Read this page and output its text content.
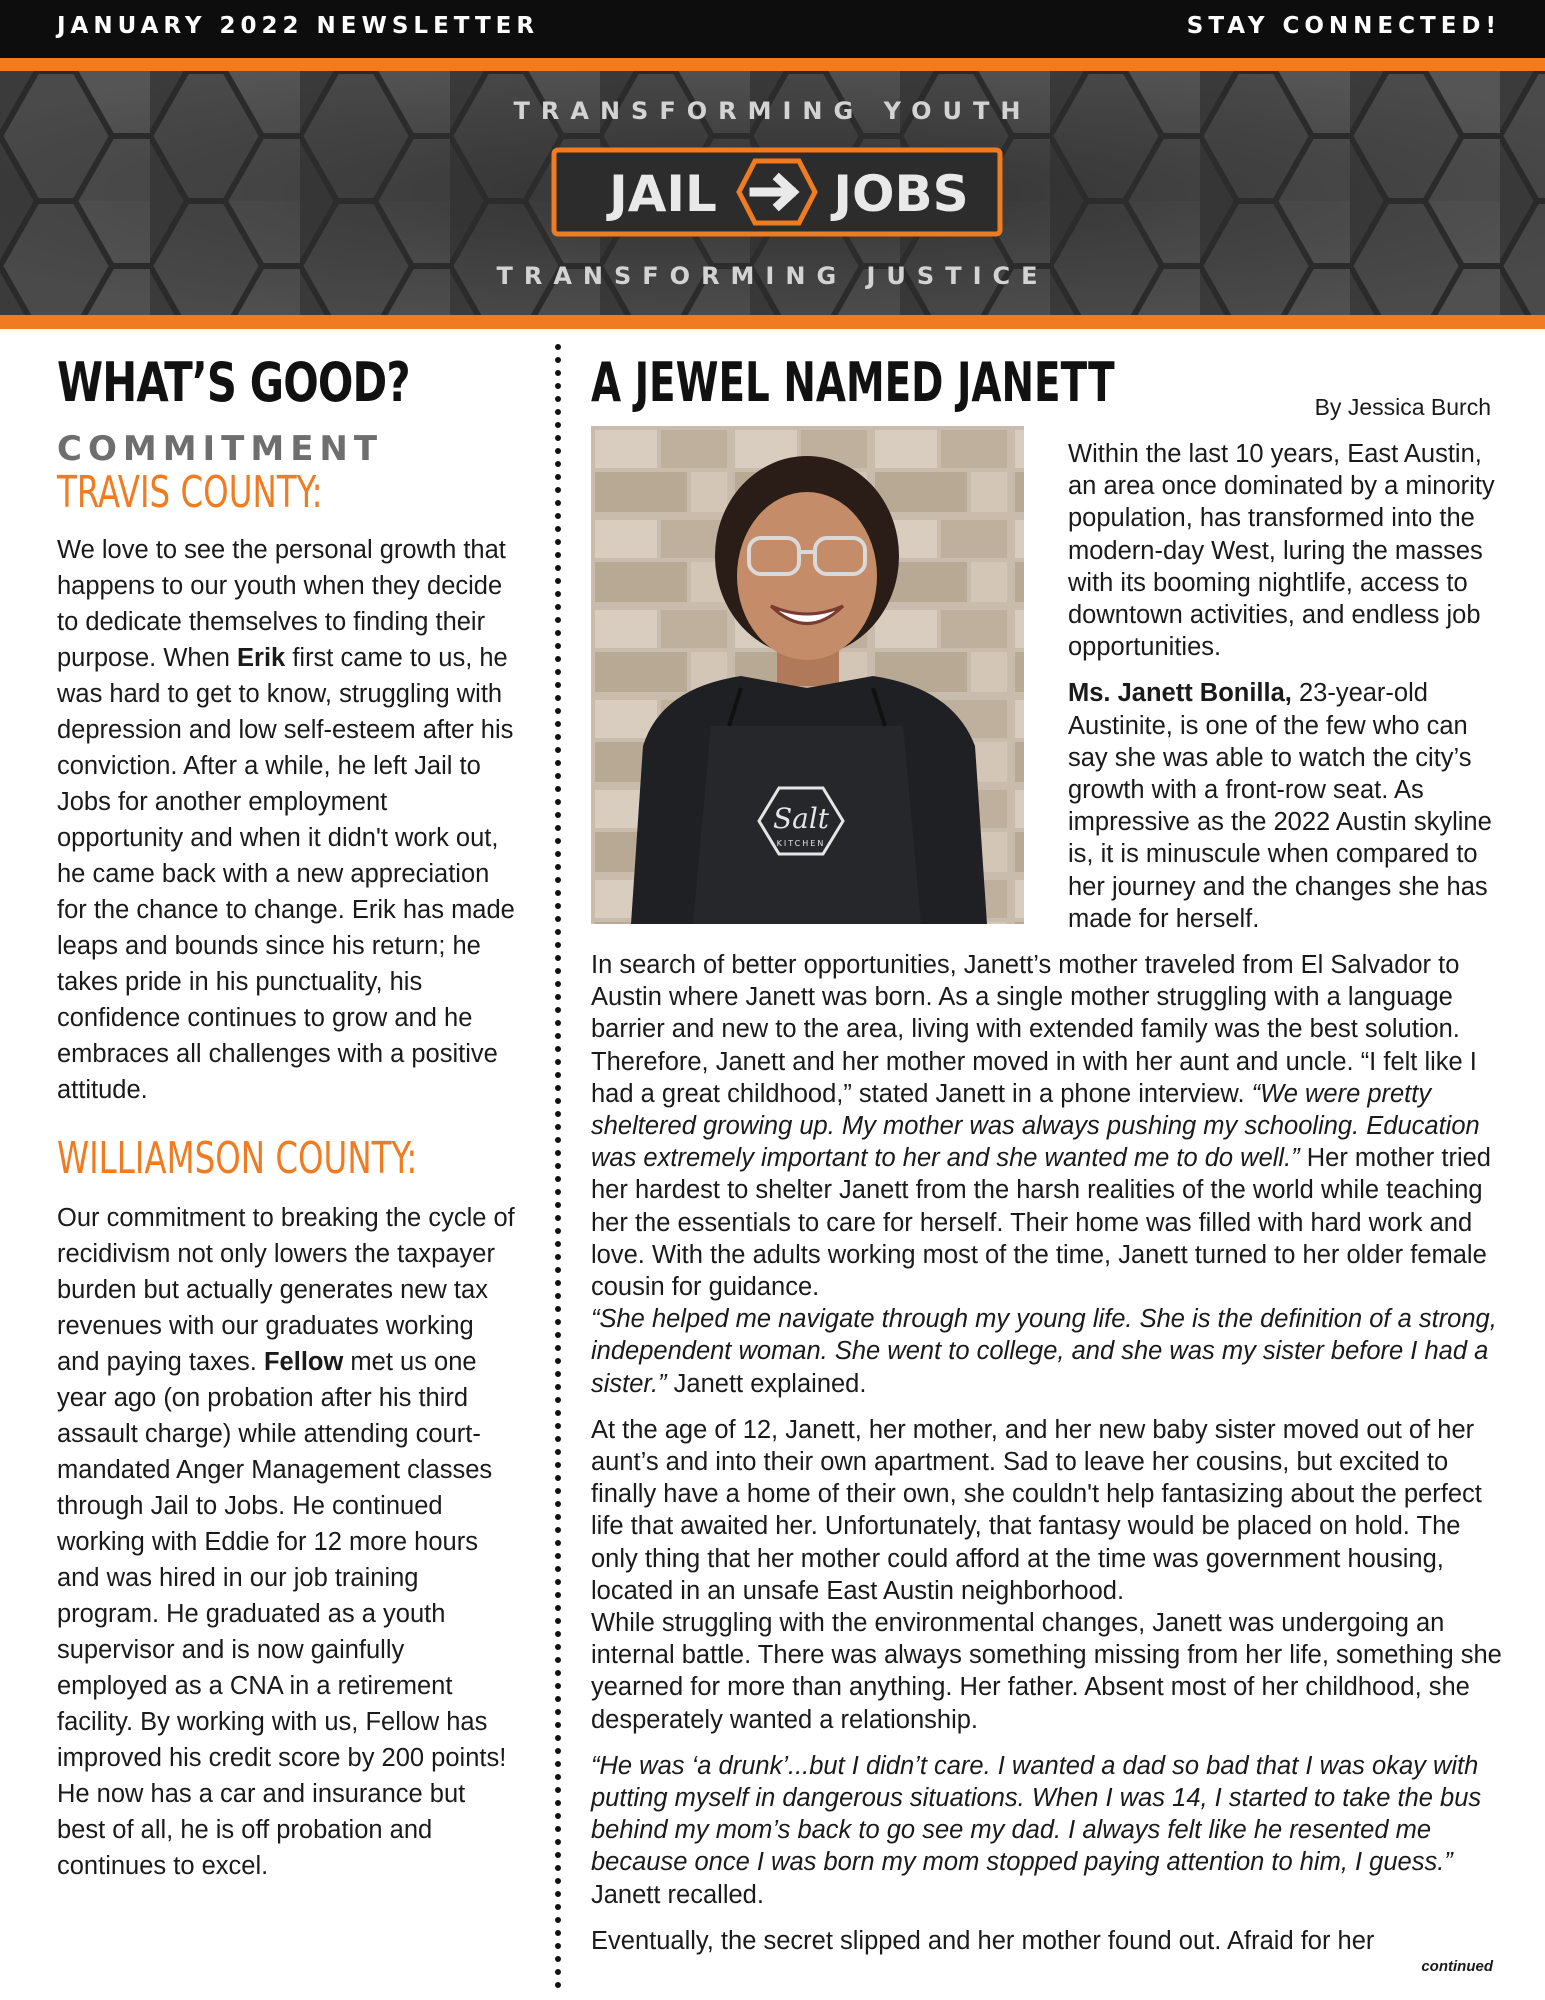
JANUARY 2022 NEWSLETTER	STAY CONNECTED!
TRANSFORMING YOUTH
JAIL JOBS
TRANSFORMING JUSTICE
WHAT’S GOOD?
COMMITMENT
TRAVIS COUNTY:

We love to see the personal growth that happens to our youth when they decide to dedicate themselves to finding their purpose. When Erik first came to us, he was hard to get to know, struggling with depression and low self-esteem after his conviction. After a while, he left Jail to Jobs for another employment opportunity and when it didn't work out, he came back with a new appreciation for the chance to change. Erik has made leaps and bounds since his return; he takes pride in his punctuality, his confidence continues to grow and he embraces all challenges with a positive attitude.

WILLIAMSON COUNTY:

Our commitment to breaking the cycle of recidivism not only lowers the taxpayer burden but actually generates new tax revenues with our graduates working and paying taxes. Fellow met us one year ago (on probation after his third assault charge) while attending court-mandated Anger Management classes through Jail to Jobs. He continued working with Eddie for 12 more hours and was hired in our job training program. He graduated as a youth supervisor and is now gainfully employed as a CNA in a retirement facility. By working with us, Fellow has improved his credit score by 200 points! He now has a car and insurance but best of all, he is off probation and continues to excel.

A JEWEL NAMED JANETT	By Jessica Burch
Salt
KITCHEN

Within the last 10 years, East Austin, an area once dominated by a minority population, has transformed into the modern-day West, luring the masses with its booming nightlife, access to downtown activities, and endless job opportunities.

Ms. Janett Bonilla, 23-year-old Austinite, is one of the few who can say she was able to watch the city’s growth with a front-row seat. As impressive as the 2022 Austin skyline is, it is minuscule when compared to her journey and the changes she has made for herself.

In search of better opportunities, Janett’s mother traveled from El Salvador to Austin where Janett was born. As a single mother struggling with a language barrier and new to the area, living with extended family was the best solution. Therefore, Janett and her mother moved in with her aunt and uncle. “I felt like I had a great childhood,” stated Janett in a phone interview. “We were pretty sheltered growing up. My mother was always pushing my schooling. Education was extremely important to her and she wanted me to do well.” Her mother tried her hardest to shelter Janett from the harsh realities of the world while teaching her the essentials to care for herself. Their home was filled with hard work and love. With the adults working most of the time, Janett turned to her older female cousin for guidance.
“She helped me navigate through my young life. She is the definition of a strong, independent woman. She went to college, and she was my sister before I had a sister.” Janett explained.

At the age of 12, Janett, her mother, and her new baby sister moved out of her aunt’s and into their own apartment. Sad to leave her cousins, but excited to finally have a home of their own, she couldn't help fantasizing about the perfect life that awaited her. Unfortunately, that fantasy would be placed on hold. The only thing that her mother could afford at the time was government housing, located in an unsafe East Austin neighborhood.

While struggling with the environmental changes, Janett was undergoing an internal battle. There was always something missing from her life, something she yearned for more than anything. Her father. Absent most of her childhood, she desperately wanted a relationship.

“He was ‘a drunk’...but I didn’t care. I wanted a dad so bad that I was okay with putting myself in dangerous situations. When I was 14, I started to take the bus behind my mom’s back to go see my dad. I always felt like he resented me because once I was born my mom stopped paying attention to him, I guess.” Janett recalled.

Eventually, the secret slipped and her mother found out. Afraid for her

continued
